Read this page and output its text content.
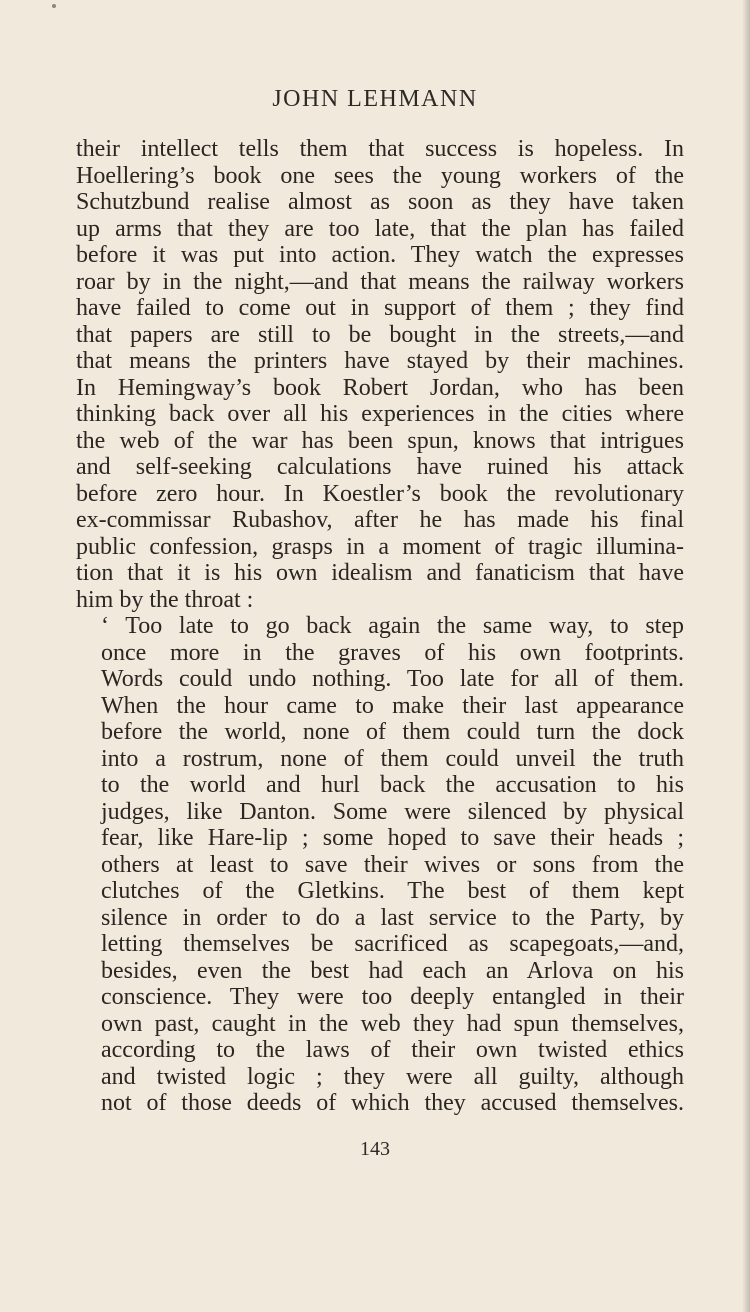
JOHN LEHMANN
their intellect tells them that success is hopeless. In
Hoellering’s book one sees the young workers of the
Schutzbund realise almost as soon as they have taken
up arms that they are too late, that the plan has failed
before it was put into action. They watch the expresses
roar by in the night,—and that means the railway workers
have failed to come out in support of them ; they find
that papers are still to be bought in the streets,—and
that means the printers have stayed by their machines.
In Hemingway’s book Robert Jordan, who has been
thinking back over all his experiences in the cities where
the web of the war has been spun, knows that intrigues
and self-seeking calculations have ruined his attack
before zero hour. In Koestler’s book the revolutionary
ex-commissar Rubashov, after he has made his final
public confession, grasps in a moment of tragic illumina-
tion that it is his own idealism and fanaticism that have
him by the throat :
‘ Too late to go back again the same way, to step
once more in the graves of his own footprints.
Words could undo nothing. Too late for all of them.
When the hour came to make their last appearance
before the world, none of them could turn the dock
into a rostrum, none of them could unveil the truth
to the world and hurl back the accusation to his
judges, like Danton. Some were silenced by physical
fear, like Hare-lip ; some hoped to save their heads ;
others at least to save their wives or sons from the
clutches of the Gletkins. The best of them kept
silence in order to do a last service to the Party, by
letting themselves be sacrificed as scapegoats,—and,
besides, even the best had each an Arlova on his
conscience. They were too deeply entangled in their
own past, caught in the web they had spun themselves,
according to the laws of their own twisted ethics
and twisted logic ; they were all guilty, although
not of those deeds of which they accused themselves.
143
